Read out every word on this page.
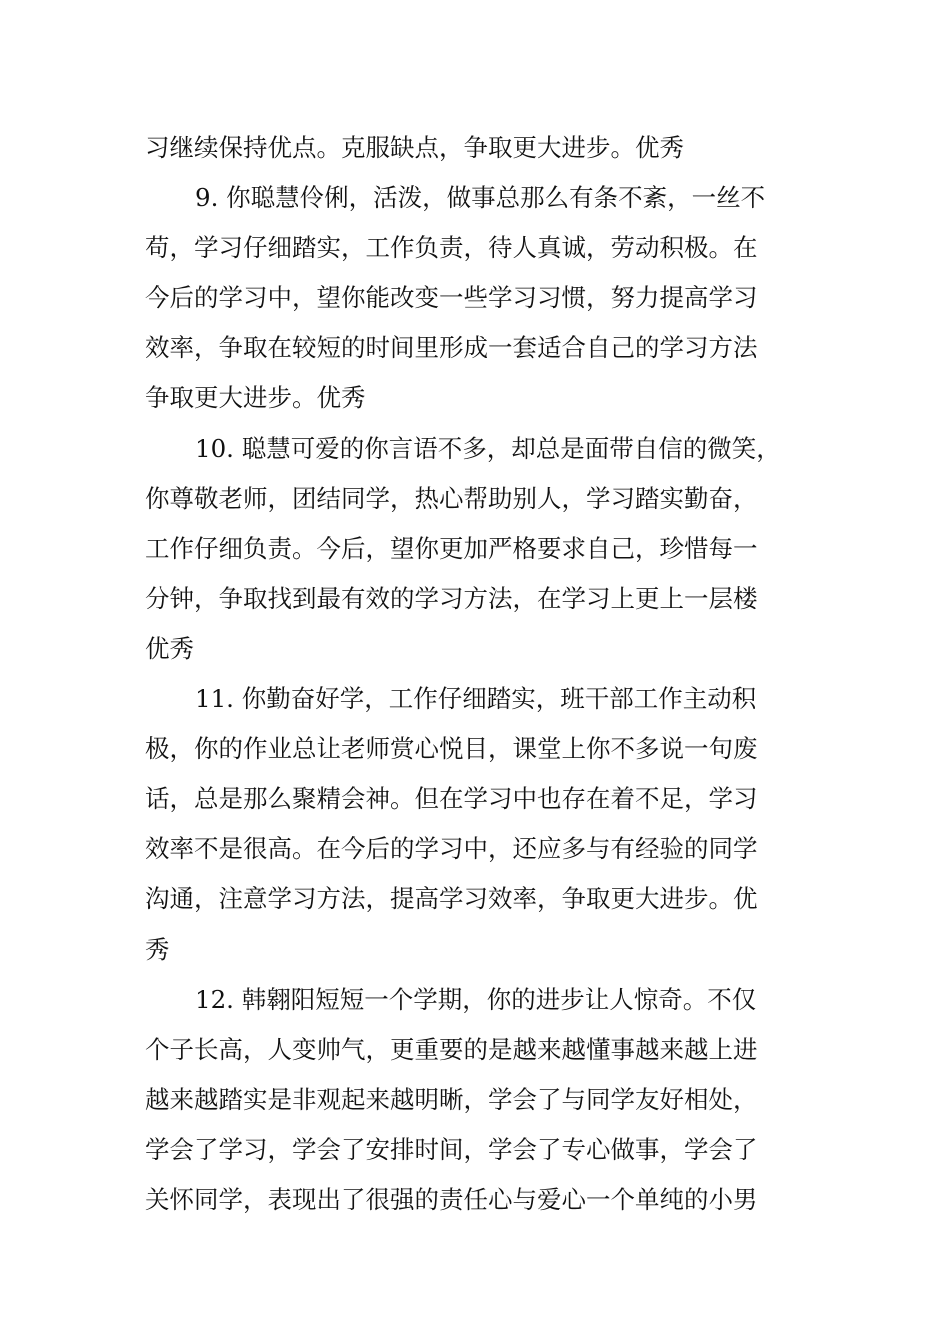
习继续保持优点。克服缺点，争取更大进步。优秀
9. 你聪慧伶俐，活泼，做事总那么有条不紊，一丝不
苟，学习仔细踏实，工作负责，待人真诚，劳动积极。在
今后的学习中，望你能改变一些学习习惯，努力提高学习
效率，争取在较短的时间里形成一套适合自己的学习方法
争取更大进步。优秀
10. 聪慧可爱的你言语不多，却总是面带自信的微笑，
你尊敬老师，团结同学，热心帮助别人，学习踏实勤奋，
工作仔细负责。今后，望你更加严格要求自己，珍惜每一
分钟，争取找到最有效的学习方法，在学习上更上一层楼
优秀
11. 你勤奋好学，工作仔细踏实，班干部工作主动积
极，你的作业总让老师赏心悦目，课堂上你不多说一句废
话，总是那么聚精会神。但在学习中也存在着不足，学习
效率不是很高。在今后的学习中，还应多与有经验的同学
沟通，注意学习方法，提高学习效率，争取更大进步。优
秀
12. 韩翱阳短短一个学期，你的进步让人惊奇。不仅
个子长高，人变帅气，更重要的是越来越懂事越来越上进
越来越踏实是非观起来越明晰，学会了与同学友好相处，
学会了学习，学会了安排时间，学会了专心做事，学会了
关怀同学，表现出了很强的责任心与爱心一个单纯的小男
